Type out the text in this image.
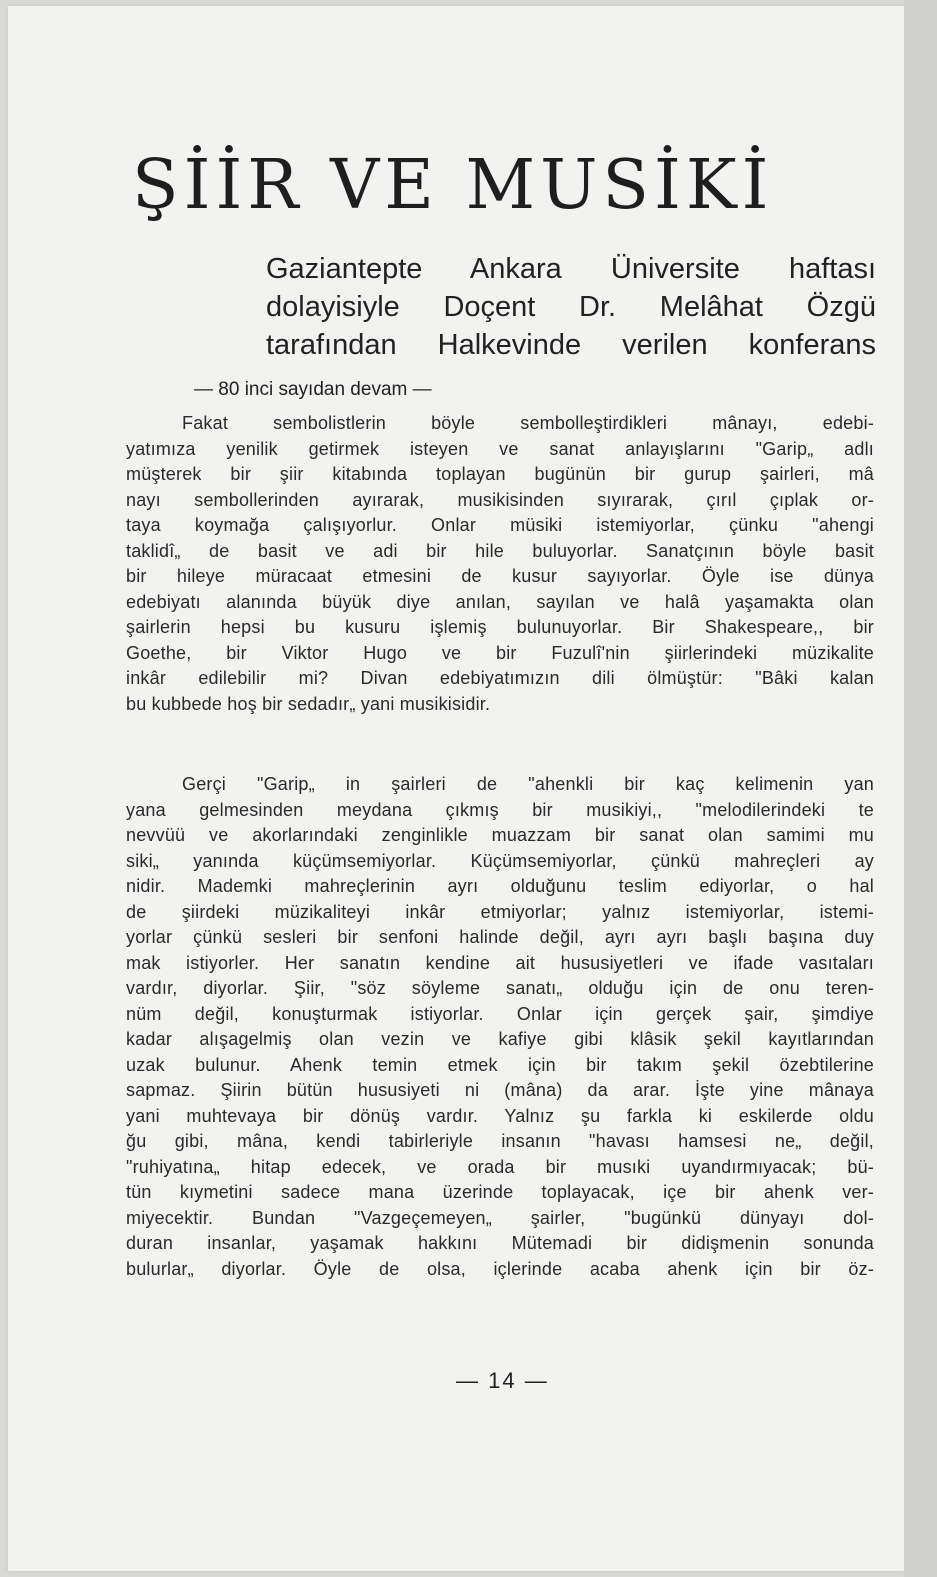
ŞİİR VE MUSİKİ
Gaziantepte Ankara Üniversite haftası
dolayisiyle Doçent Dr. Melâhat Özgü
tarafından Halkevinde verilen konferans
— 80 inci sayıdan devam —
Fakat sembolistlerin böyle sembolleştirdikleri mânayı, edebi-
yatımıza yenilik getirmek isteyen ve sanat anlayışlarını "Garip„ adlı
müşterek bir şiir kitabında toplayan bugünün bir gurup şairleri, mâ
nayı sembollerinden ayırarak, musikisinden sıyırarak, çırıl çıplak or-
taya koymağa çalışıyorlur. Onlar müsiki istemiyorlar, çünku "ahengi
taklidî„ de basit ve adi bir hile buluyorlar. Sanatçının böyle basit
bir hileye müracaat etmesini de kusur sayıyorlar. Öyle ise dünya
edebiyatı alanında büyük diye anılan, sayılan ve halâ yaşamakta olan
şairlerin hepsi bu kusuru işlemiş bulunuyorlar. Bir Shakespeare,, bir
Goethe, bir Viktor Hugo ve bir Fuzulî'nin şiirlerindeki müzikalite
inkâr edilebilir mi? Divan edebiyatımızın dili ölmüştür: "Bâki kalan
bu kubbede hoş bir sedadır„ yani musikisidir.
Gerçi "Garip„ in şairleri de "ahenkli bir kaç kelimenin yan
yana gelmesinden meydana çıkmış bir musikiyi,, "melodilerindeki te
nevvüü ve akorlarındaki zenginlikle muazzam bir sanat olan samimi mu
siki„ yanında küçümsemiyorlar. Küçümsemiyorlar, çünkü mahreçleri ay
nidir. Mademki mahreçlerinin ayrı olduğunu teslim ediyorlar, o hal
de şiirdeki müzikaliteyi inkâr etmiyorlar; yalnız istemiyorlar, istemi-
yorlar çünkü sesleri bir senfoni halinde değil, ayrı ayrı başlı başına duy
mak istiyorler. Her sanatın kendine ait hususiyetleri ve ifade vasıtaları
vardır, diyorlar. Şiir, "söz söyleme sanatı„ olduğu için de onu teren-
nüm değil, konuşturmak istiyorlar. Onlar için gerçek şair, şimdiye
kadar alışagelmiş olan vezin ve kafiye gibi klâsik şekil kayıtlarından
uzak bulunur. Ahenk temin etmek için bir takım şekil özebtilerine
sapmaz. Şiirin bütün hususiyeti ni (mâna) da arar. İşte yine mânaya
yani muhtevaya bir dönüş vardır. Yalnız şu farkla ki eskilerde oldu
ğu gibi, mâna, kendi tabirleriyle insanın "havası hamsesi ne„ değil,
"ruhiyatına„ hitap edecek, ve orada bir musıki uyandırmıyacak; bü-
tün kıymetini sadece mana üzerinde toplayacak, içe bir ahenk ver-
miyecektir. Bundan "Vazgeçemeyen„ şairler, "bugünkü dünyayı dol-
duran insanlar, yaşamak hakkını Mütemadi bir didişmenin sonunda
bulurlar„ diyorlar. Öyle de olsa, içlerinde acaba ahenk için bir öz-
— 14 —
